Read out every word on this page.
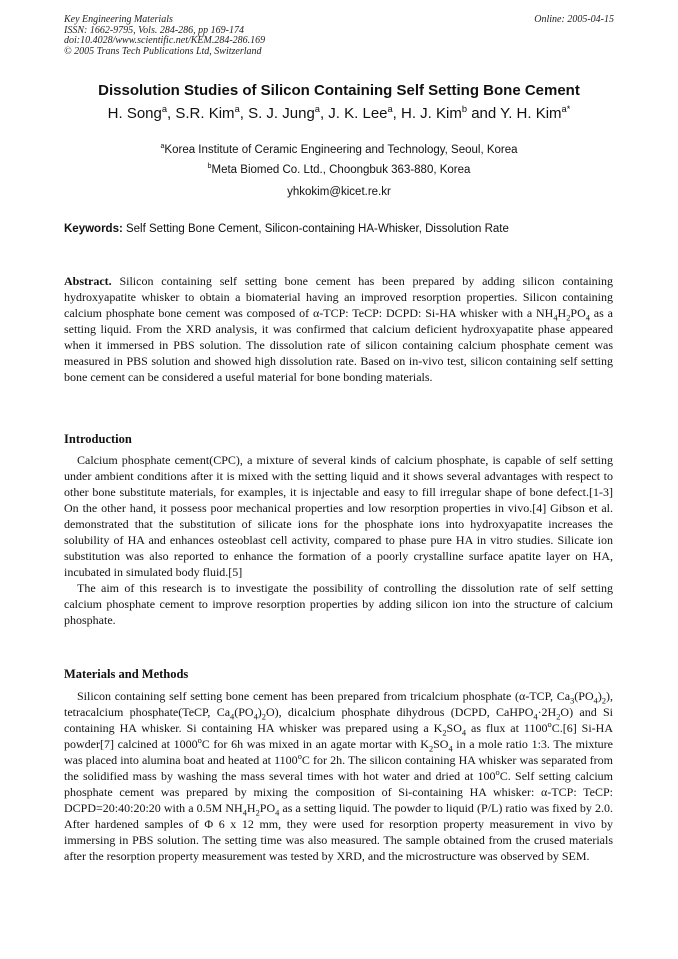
Key Engineering Materials
ISSN: 1662-9795, Vols. 284-286, pp 169-174
doi:10.4028/www.scientific.net/KEM.284-286.169
© 2005 Trans Tech Publications Ltd, Switzerland
Online: 2005-04-15
Dissolution Studies of Silicon Containing Self Setting Bone Cement
H. Song$^a$, S.R. Kim$^a$, S. J. Jung$^a$, J. K. Lee$^a$, H. J. Kim$^b$ and Y. H. Kim$^{a*}$
$^a$Korea Institute of Ceramic Engineering and Technology, Seoul, Korea
$^b$Meta Biomed Co. Ltd., Choongbuk 363-880, Korea
yhkokim@kicet.re.kr
Keywords: Self Setting Bone Cement, Silicon-containing HA-Whisker, Dissolution Rate
Abstract. Silicon containing self setting bone cement has been prepared by adding silicon containing hydroxyapatite whisker to obtain a biomaterial having an improved resorption properties. Silicon containing calcium phosphate bone cement was composed of α-TCP: TeCP: DCPD: Si-HA whisker with a $NH_4H_2PO_4$ as a setting liquid. From the XRD analysis, it was confirmed that calcium deficient hydroxyapatite phase appeared when it immersed in PBS solution. The dissolution rate of silicon containing calcium phosphate cement was measured in PBS solution and showed high dissolution rate. Based on in-vivo test, silicon containing self setting bone cement can be considered a useful material for bone bonding materials.
Introduction

Calcium phosphate cement(CPC), a mixture of several kinds of calcium phosphate, is capable of self setting under ambient conditions after it is mixed with the setting liquid and it shows several advantages with respect to other bone substitute materials, for examples, it is injectable and easy to fill irregular shape of bone defect.[1-3] On the other hand, it possess poor mechanical properties and low resorption properties in vivo.[4] Gibson et al. demonstrated that the substitution of silicate ions for the phosphate ions into hydroxyapatite increases the solubility of HA and enhances osteoblast cell activity, compared to phase pure HA in vitro studies. Silicate ion substitution was also reported to enhance the formation of a poorly crystalline surface apatite layer on HA, incubated in simulated body fluid.[5]

The aim of this research is to investigate the possibility of controlling the dissolution rate of self setting calcium phosphate cement to improve resorption properties by adding silicon ion into the structure of calcium phosphate.

Materials and Methods

Silicon containing self setting bone cement has been prepared from tricalcium phosphate (α-TCP, $Ca_3(PO_4)_2$), tetracalcium phosphate(TeCP, $Ca_4(PO_4)_2O$), dicalcium phosphate dihydrous (DCPD, $CaHPO_4\cdot 2H_2O$) and Si containing HA whisker. Si containing HA whisker was prepared using a $K_2SO_4$ as flux at 1100$^o$C.[6] Si-HA powder[7] calcined at 1000$^o$C for 6h was mixed in an agate mortar with $K_2SO_4$ in a mole ratio 1:3. The mixture was placed into alumina boat and heated at 1100$^o$C for 2h. The silicon containing HA whisker was separated from the solidified mass by washing the mass several times with hot water and dried at 100$^o$C. Self setting calcium phosphate cement was prepared by mixing the composition of Si-containing HA whisker: α-TCP: TeCP: DCPD=20:40:20:20 with a 0.5M $NH_4H_2PO_4$ as a setting liquid. The powder to liquid (P/L) ratio was fixed by 2.0. After hardened samples of Φ 6 x 12 mm, they were used for resorption property measurement in vivo by immersing in PBS solution. The setting time was also measured. The sample obtained from the crused materials after the resorption property measurement was tested by XRD, and the microstructure was observed by SEM.
